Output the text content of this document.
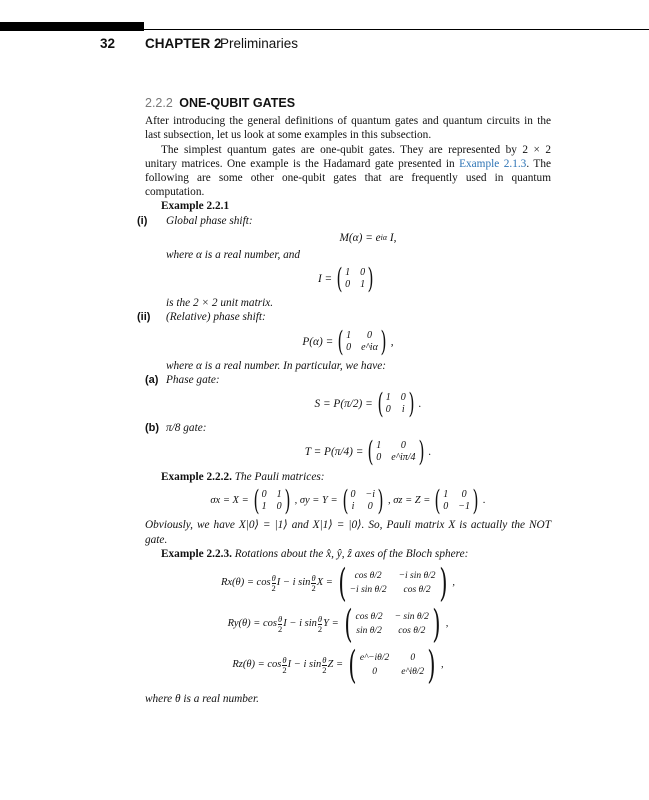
32 CHAPTER 2
Preliminaries
2.2.2 ONE-QUBIT GATES

After introducing the general definitions of quantum gates and quantum circuits in the last subsection, let us look at some examples in this subsection.

The simplest quantum gates are one-qubit gates. They are represented by 2 × 2 unitary matrices. One example is the Hadamard gate presented in Example 2.1.3. The following are some other one-qubit gates that are frequently used in quantum computation.

Example 2.2.1
(i) Global phase shift:
M(α) = e iα
I,
where α is a real number, and
I = ( 1 0
0 1 )
is the 2 × 2 unit matrix.
(ii) (Relative) phase shift:
P(α) = ( 1	0
0 e^iα ) ,
where α is a real number. In particular, we have:
(a) Phase gate:
S = P(π/2) = ( 1 0
0 i ) .
(b) π/8 gate:
T = P(π/4) = ( 1	0
0 e^iπ/4 ) .
Example 2.2.2. The Pauli matrices:
σx = X = ( 0 1
1 0 ) ,
σy = Y = ( 0 −i
i 0 ) ,
σz = Z = ( 1	0
0 −1 ) .

Obviously, we have X|0⟩ = |1⟩ and X|1⟩ = |0⟩. So, Pauli matrix X is actually the NOT gate.

Example 2.2.3. Rotations about the x̂, ŷ, ẑ axes of the Bloch sphere:
$Rx(\theta) = \cos \frac{\theta}{2}$ I − i $\sin \frac{\theta}{2}$ X = ( cos θ/2	−i sin θ/2
−i sin θ/2	cos θ/2 ) ,
$Ry(\theta) = \cos \frac{\theta}{2}$ I − i $\sin \frac{\theta}{2}$ Y = ( cos θ/2 − sin θ/2
sin θ/2	cos θ/2 ) ,
$Rz(\theta) = \cos \frac{\theta}{2}$ I − i $\sin \frac{\theta}{2}$ Z = ( e^−iθ/2	0
0	e^iθ/2 ) ,
where θ is a real number.
